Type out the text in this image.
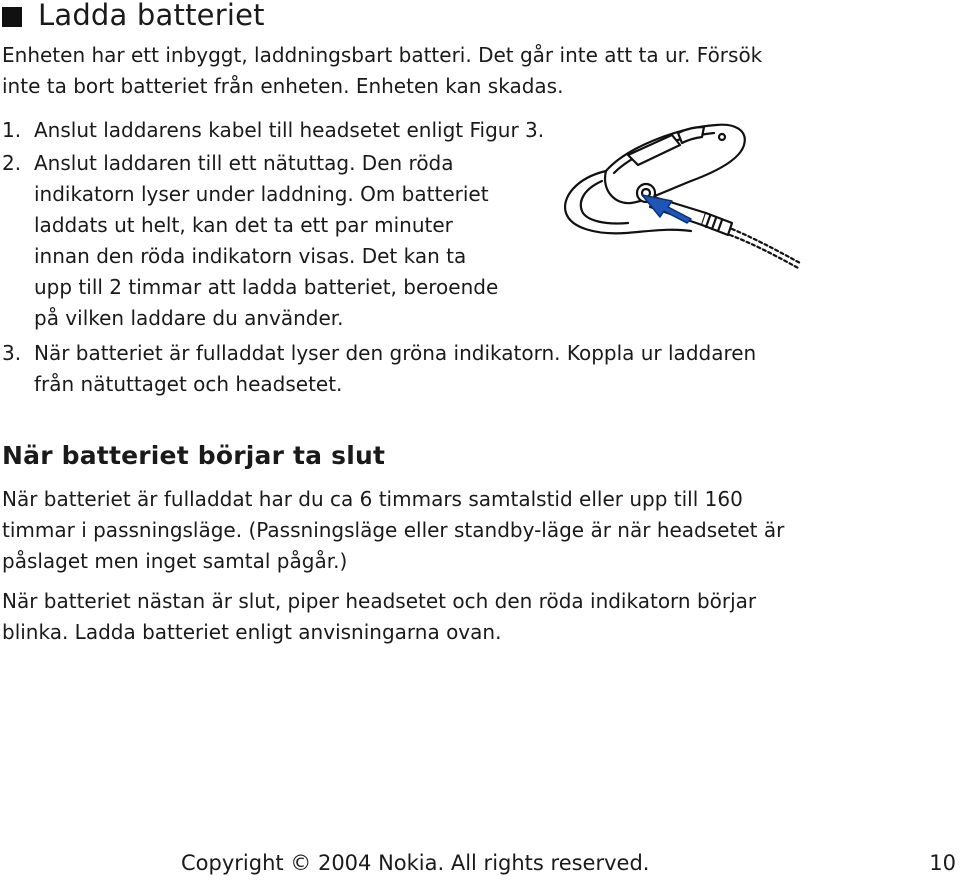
Ladda batteriet
Enheten har ett inbyggt, laddningsbart batteri. Det går inte att ta ur. Försök inte ta bort batteriet från enheten. Enheten kan skadas.
1. Anslut laddarens kabel till headsetet enligt Figur 3.
2. Anslut laddaren till ett nätuttag. Den röda indikatorn lyser under laddning. Om batteriet laddats ut helt, kan det ta ett par minuter innan den röda indikatorn visas. Det kan ta upp till 2 timmar att ladda batteriet, beroende på vilken laddare du använder.
3. När batteriet är fulladdat lyser den gröna indikatorn. Koppla ur laddaren från nätuttaget och headsetet.
När batteriet börjar ta slut
När batteriet är fulladdat har du ca 6 timmars samtalstid eller upp till 160 timmar i passningsläge. (Passningsläge eller standby-läge är när headsetet är påslaget men inget samtal pågår.)
När batteriet nästan är slut, piper headsetet och den röda indikatorn börjar blinka. Ladda batteriet enligt anvisningarna ovan.
Copyright © 2004 Nokia. All rights reserved.	10
